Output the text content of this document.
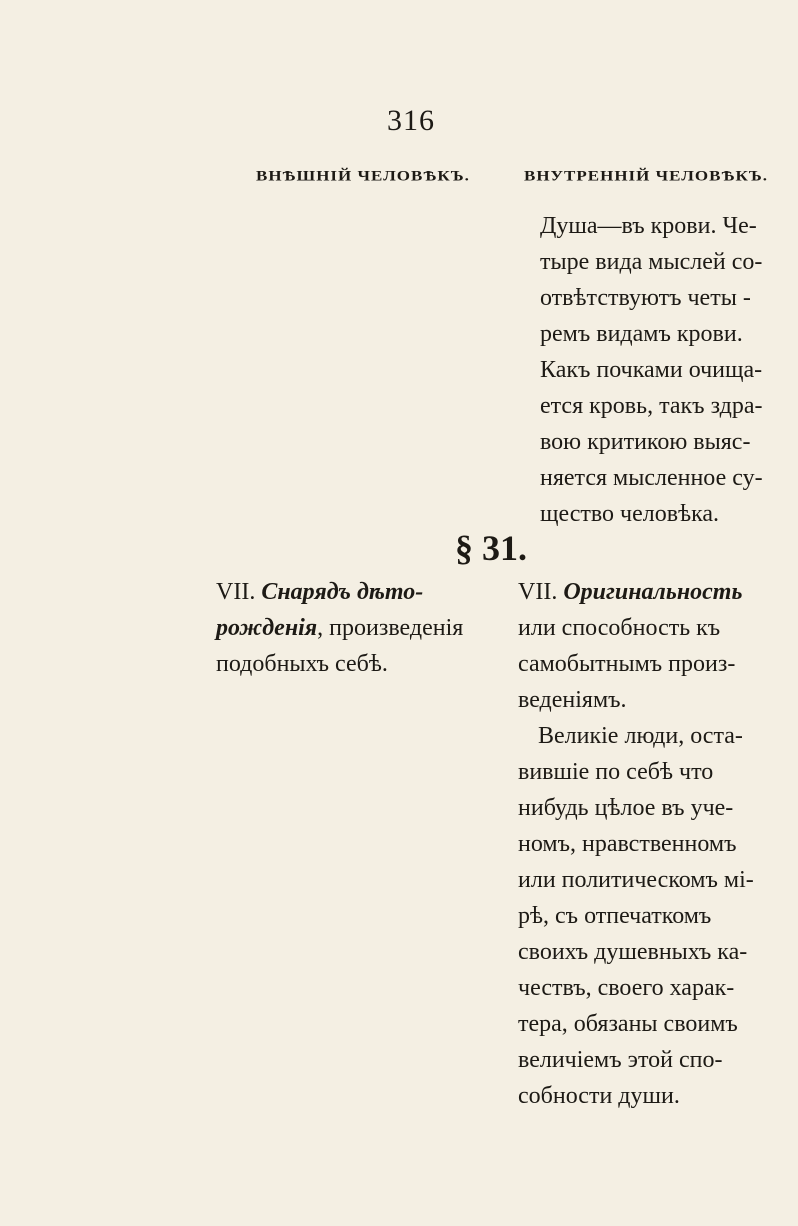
316
ВНѢШНІЙ ЧЕЛОВѢКЪ.	ВНУТРЕННІЙ ЧЕЛОВѢКЪ.
Душа—въ крови. Че-
тыре вида мыслей со-
отвѣтствуютъ четы -
ремъ видамъ крови.
Какъ почками очища-
ется кровь, такъ здра-
вою критикою выяс-
няется мысленное су-
щество человѣка.
§ 31.
VII. Снарядъ дѣто-
рожденія, произведенія
подобныхъ себѣ.
VII. Оригинальность
или способность къ
самобытнымъ произ-
веденіямъ.
Великіе люди, оста-
вившіе по себѣ что
нибудь цѣлое въ уче-
номъ, нравственномъ
или политическомъ мі-
рѣ, съ отпечаткомъ
своихъ душевныхъ ка-
чествъ, своего харак-
тера, обязаны своимъ
величіемъ этой спо-
собности души.
